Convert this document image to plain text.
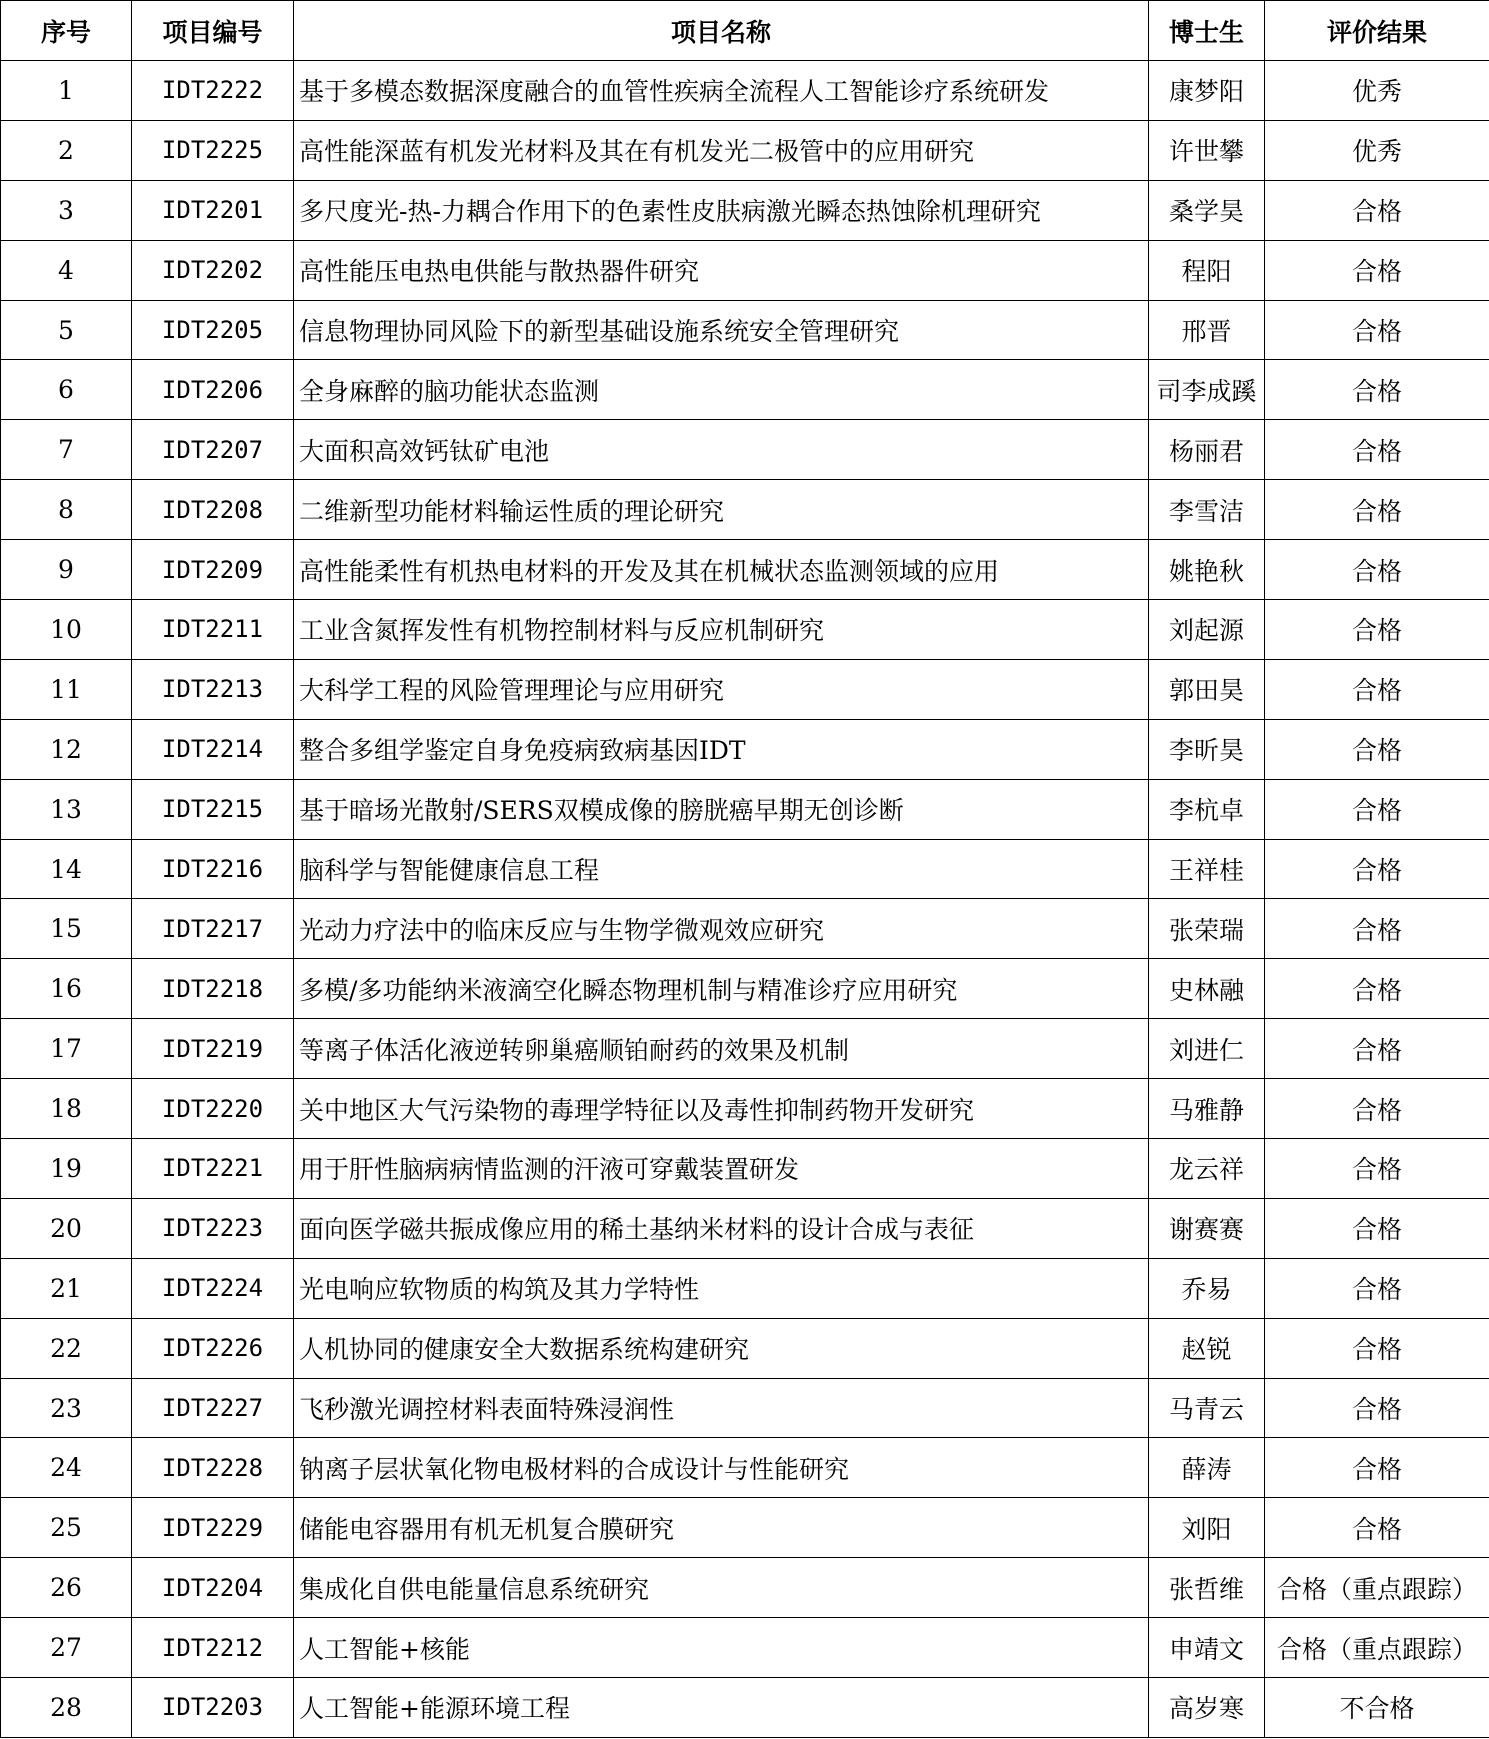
序号	项目编号	项目名称	博士生	评价结果
1	IDT2222	基于多模态数据深度融合的血管性疾病全流程人工智能诊疗系统研发	康梦阳	优秀
2	IDT2225	高性能深蓝有机发光材料及其在有机发光二极管中的应用研究	许世攀	优秀
3	IDT2201	多尺度光-热-力耦合作用下的色素性皮肤病激光瞬态热蚀除机理研究	桑学昊	合格
4	IDT2202	高性能压电热电供能与散热器件研究	程阳	合格
5	IDT2205	信息物理协同风险下的新型基础设施系统安全管理研究	邢晋	合格
6	IDT2206	全身麻醉的脑功能状态监测	司李成蹊	合格
7	IDT2207	大面积高效钙钛矿电池	杨丽君	合格
8	IDT2208	二维新型功能材料输运性质的理论研究	李雪洁	合格
9	IDT2209	高性能柔性有机热电材料的开发及其在机械状态监测领域的应用	姚艳秋	合格
10	IDT2211	工业含氮挥发性有机物控制材料与反应机制研究	刘起源	合格
11	IDT2213	大科学工程的风险管理理论与应用研究	郭田昊	合格
12	IDT2214	整合多组学鉴定自身免疫病致病基因IDT	李昕昊	合格
13	IDT2215	基于暗场光散射/SERS双模成像的膀胱癌早期无创诊断	李杭卓	合格
14	IDT2216	脑科学与智能健康信息工程	王祥桂	合格
15	IDT2217	光动力疗法中的临床反应与生物学微观效应研究	张荣瑞	合格
16	IDT2218	多模/多功能纳米液滴空化瞬态物理机制与精准诊疗应用研究	史林融	合格
17	IDT2219	等离子体活化液逆转卵巢癌顺铂耐药的效果及机制	刘进仁	合格
18	IDT2220	关中地区大气污染物的毒理学特征以及毒性抑制药物开发研究	马雅静	合格
19	IDT2221	用于肝性脑病病情监测的汗液可穿戴装置研发	龙云祥	合格
20	IDT2223	面向医学磁共振成像应用的稀土基纳米材料的设计合成与表征	谢赛赛	合格
21	IDT2224	光电响应软物质的构筑及其力学特性	乔易	合格
22	IDT2226	人机协同的健康安全大数据系统构建研究	赵锐	合格
23	IDT2227	飞秒激光调控材料表面特殊浸润性	马青云	合格
24	IDT2228	钠离子层状氧化物电极材料的合成设计与性能研究	薛涛	合格
25	IDT2229	储能电容器用有机无机复合膜研究	刘阳	合格
26	IDT2204	集成化自供电能量信息系统研究	张哲维	合格（重点跟踪）
27	IDT2212	人工智能+核能	申靖文	合格（重点跟踪）
28	IDT2203	人工智能+能源环境工程	高岁寒	不合格
